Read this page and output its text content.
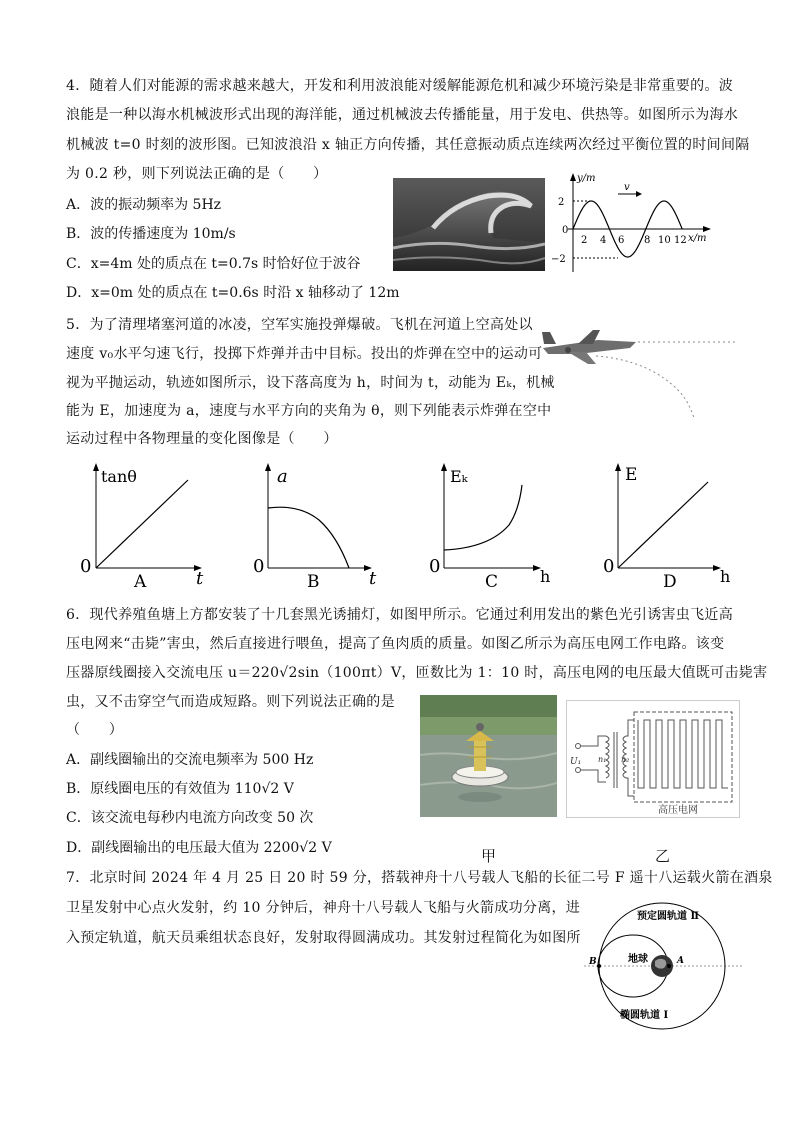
4．随着人们对能源的需求越来越大，开发和利用波浪能对缓解能源危机和减少环境污染是非常重要的。波
浪能是一种以海水机械波形式出现的海洋能，通过机械波去传播能量，用于发电、供热等。如图所示为海水
机械波 t=0 时刻的波形图。已知波浪沿 x 轴正方向传播，其任意振动质点连续两次经过平衡位置的时间间隔
为 0.2 秒，则下列说法正确的是（　　）
A．波的振动频率为 5Hz
B．波的传播速度为 10m/s
C．x=4m 处的质点在 t=0.7s 时恰好位于波谷
D．x=0m 处的质点在 t=0.6s 时沿 x 轴移动了 12m
y/m
x/m
2
0
−2
2 4 6 8 10 12
v
5．为了清理堵塞河道的冰凌，空军实施投弹爆破。飞机在河道上空高处以
速度 v₀水平匀速飞行，投掷下炸弹并击中目标。投出的炸弹在空中的运动可
视为平抛运动，轨迹如图所示，设下落高度为 h，时间为 t，动能为 Eₖ，机械
能为 E，加速度为 a，速度与水平方向的夹角为 θ，则下列能表示炸弹在空中
运动过程中各物理量的变化图像是（　　）
tanθ
0
t
A
a
0
t
B
Eₖ
0	h
C
E
0	h
D
6．现代养殖鱼塘上方都安装了十几套黑光诱捕灯，如图甲所示。它通过利用发出的紫色光引诱害虫飞近高
压电网来“击毙”害虫，然后直接进行喂鱼，提高了鱼肉质的质量。如图乙所示为高压电网工作电路。该变
压器原线圈接入交流电压 u＝220√2sin（100πt）V，匝数比为 1：10 时，高压电网的电压最大值既可击毙害
虫，又不击穿空气而造成短路。则下列说法正确的是
（　　）
A．副线圈输出的交流电频率为 500 Hz
B．原线圈电压的有效值为 110√2 V
C．该交流电每秒内电流方向改变 50 次
D．副线圈输出的电压最大值为 2200√2 V
U₁ n₁ n₂
高压电网
甲	乙
7．北京时间 2024 年 4 月 25 日 20 时 59 分，搭载神舟十八号载人飞船的长征二号 F 遥十八运载火箭在酒泉
卫星发射中心点火发射，约 10 分钟后，神舟十八号载人飞船与火箭成功分离，进
入预定轨道，航天员乘组状态良好，发射取得圆满成功。其发射过程简化为如图所
B	A
地球
预定圆轨道 Ⅱ
椭圆轨道 Ⅰ
